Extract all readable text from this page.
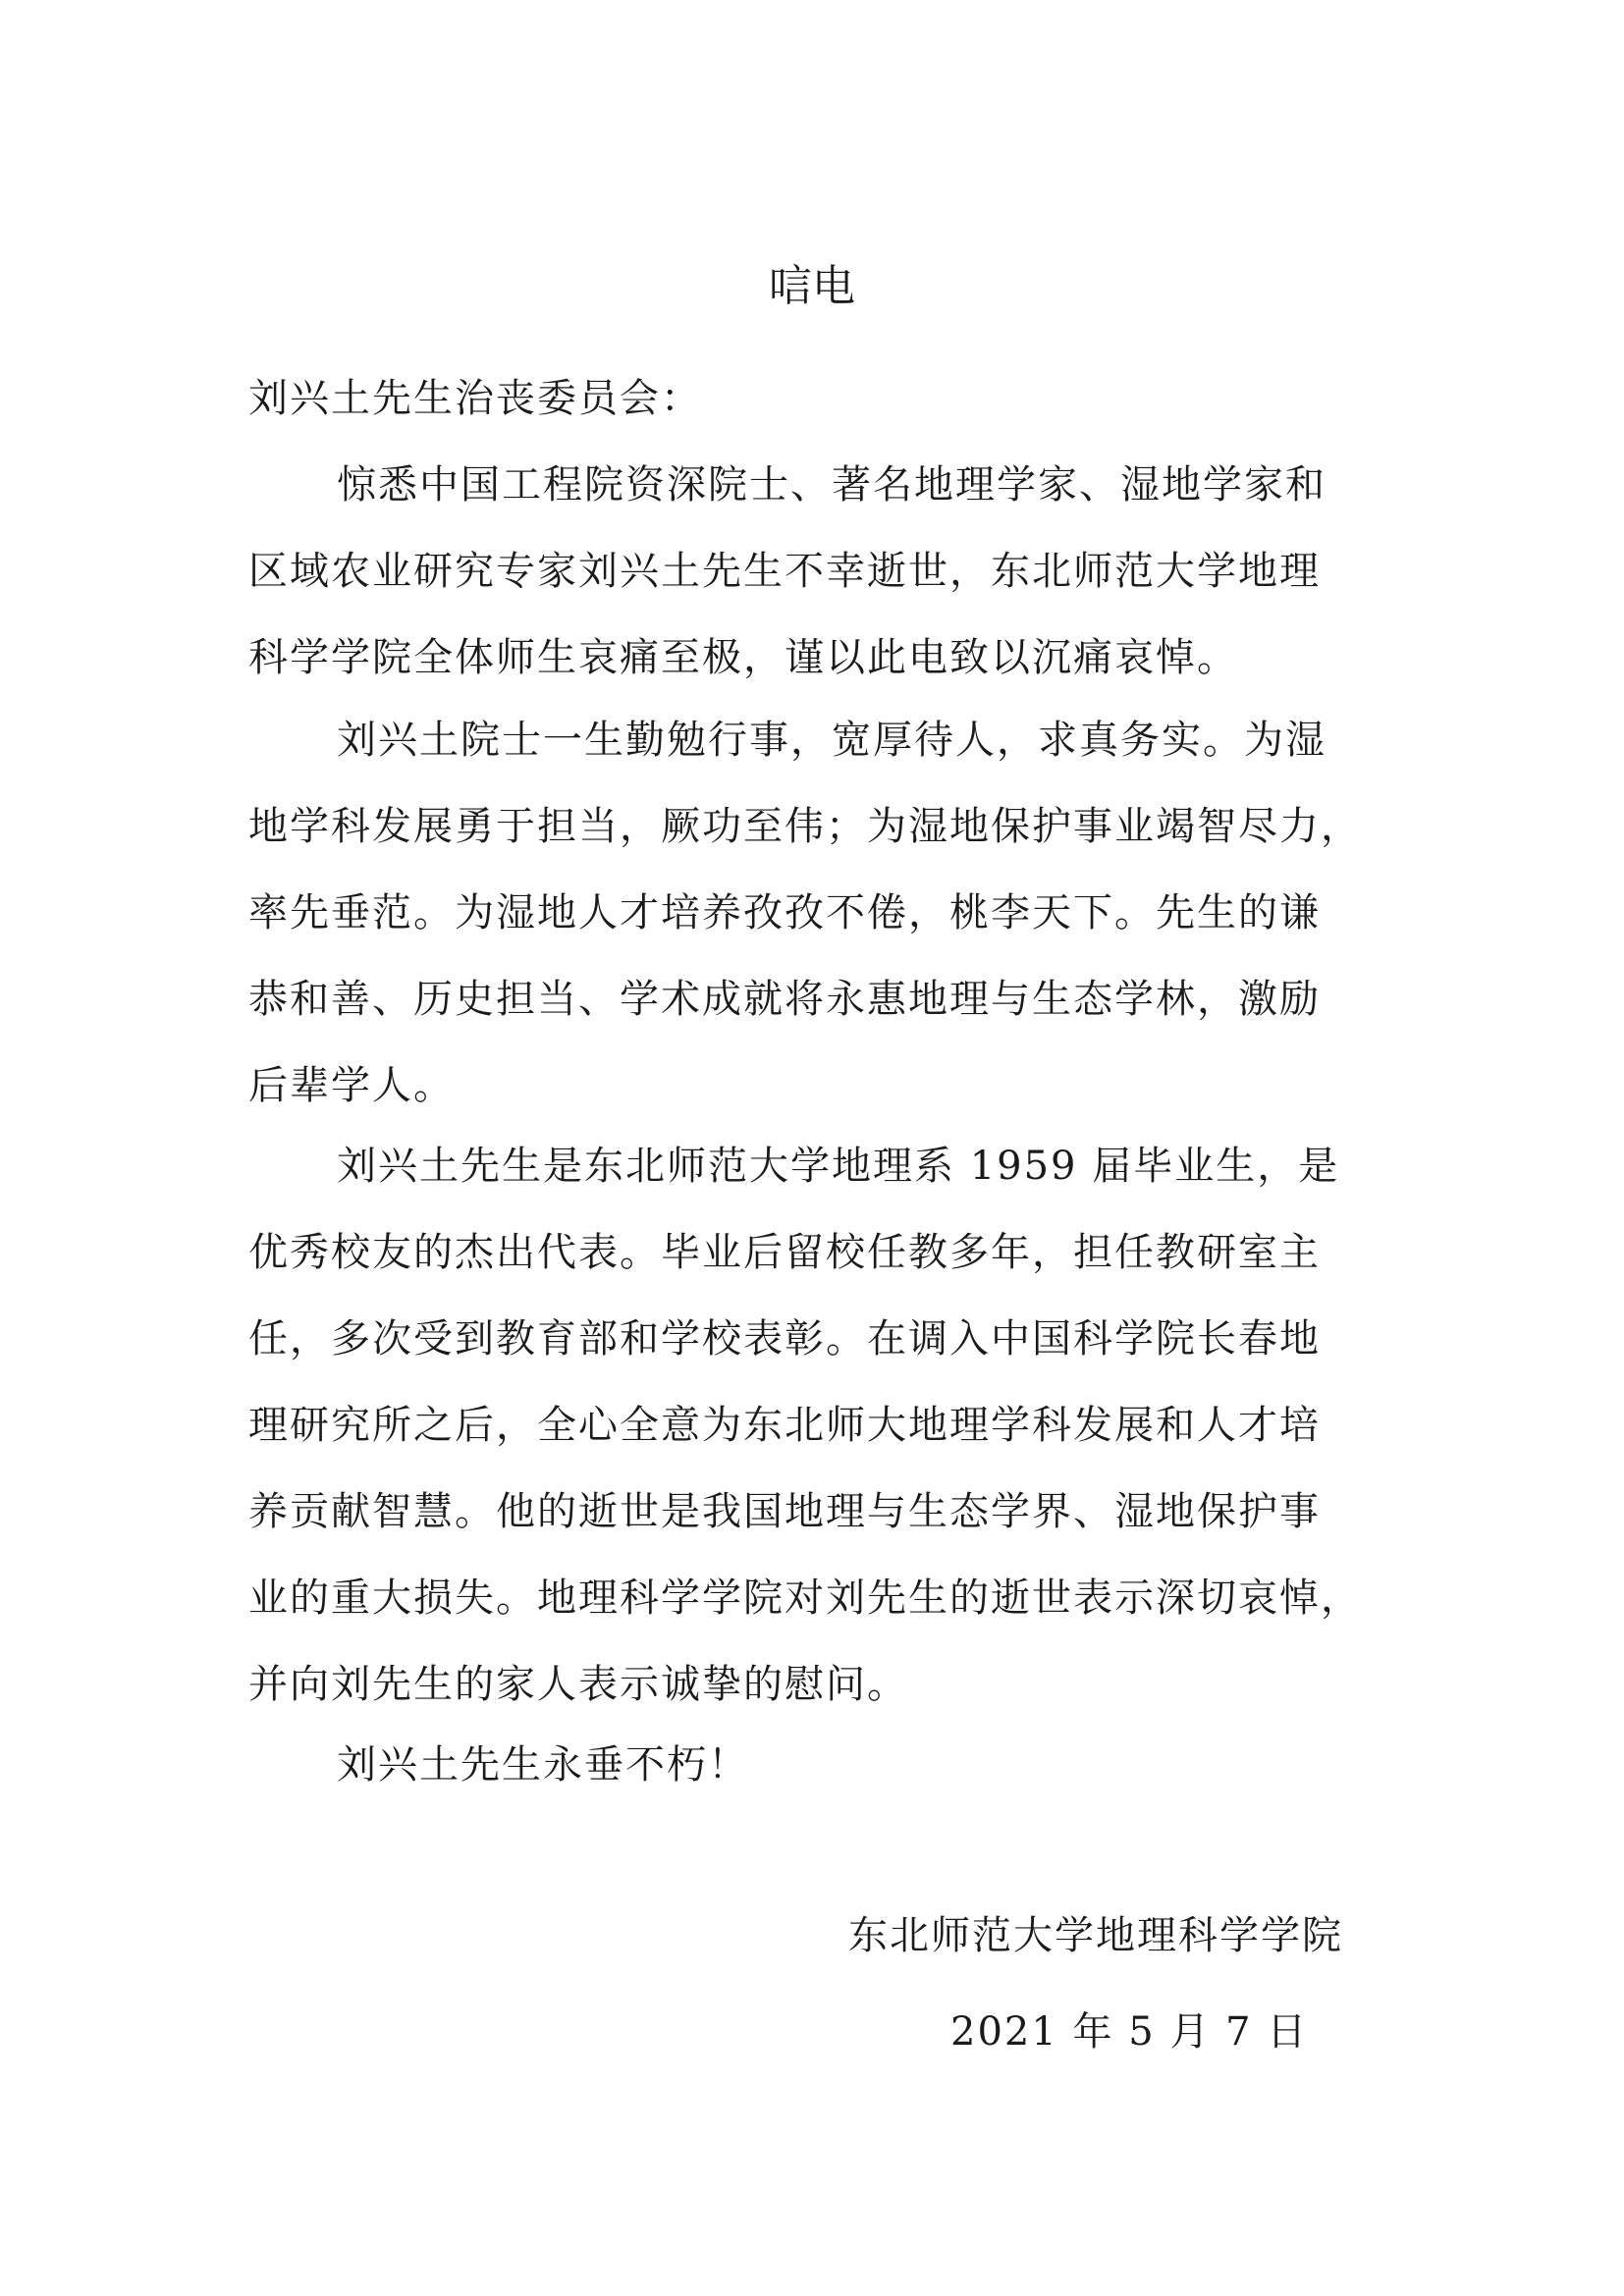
唁电
刘兴土先生治丧委员会：
惊悉中国工程院资深院士、著名地理学家、湿地学家和
区域农业研究专家刘兴土先生不幸逝世，东北师范大学地理
科学学院全体师生哀痛至极，谨以此电致以沉痛哀悼。
刘兴土院士一生勤勉行事，宽厚待人，求真务实。为湿
地学科发展勇于担当，厥功至伟；为湿地保护事业竭智尽力，
率先垂范。为湿地人才培养孜孜不倦，桃李天下。先生的谦
恭和善、历史担当、学术成就将永惠地理与生态学林，激励
后辈学人。
刘兴土先生是东北师范大学地理系 1959 届毕业生，是
优秀校友的杰出代表。毕业后留校任教多年，担任教研室主
任，多次受到教育部和学校表彰。在调入中国科学院长春地
理研究所之后，全心全意为东北师大地理学科发展和人才培
养贡献智慧。他的逝世是我国地理与生态学界、湿地保护事
业的重大损失。地理科学学院对刘先生的逝世表示深切哀悼，
并向刘先生的家人表示诚挚的慰问。
刘兴土先生永垂不朽！
东北师范大学地理科学学院
2021 年 5 月 7 日
